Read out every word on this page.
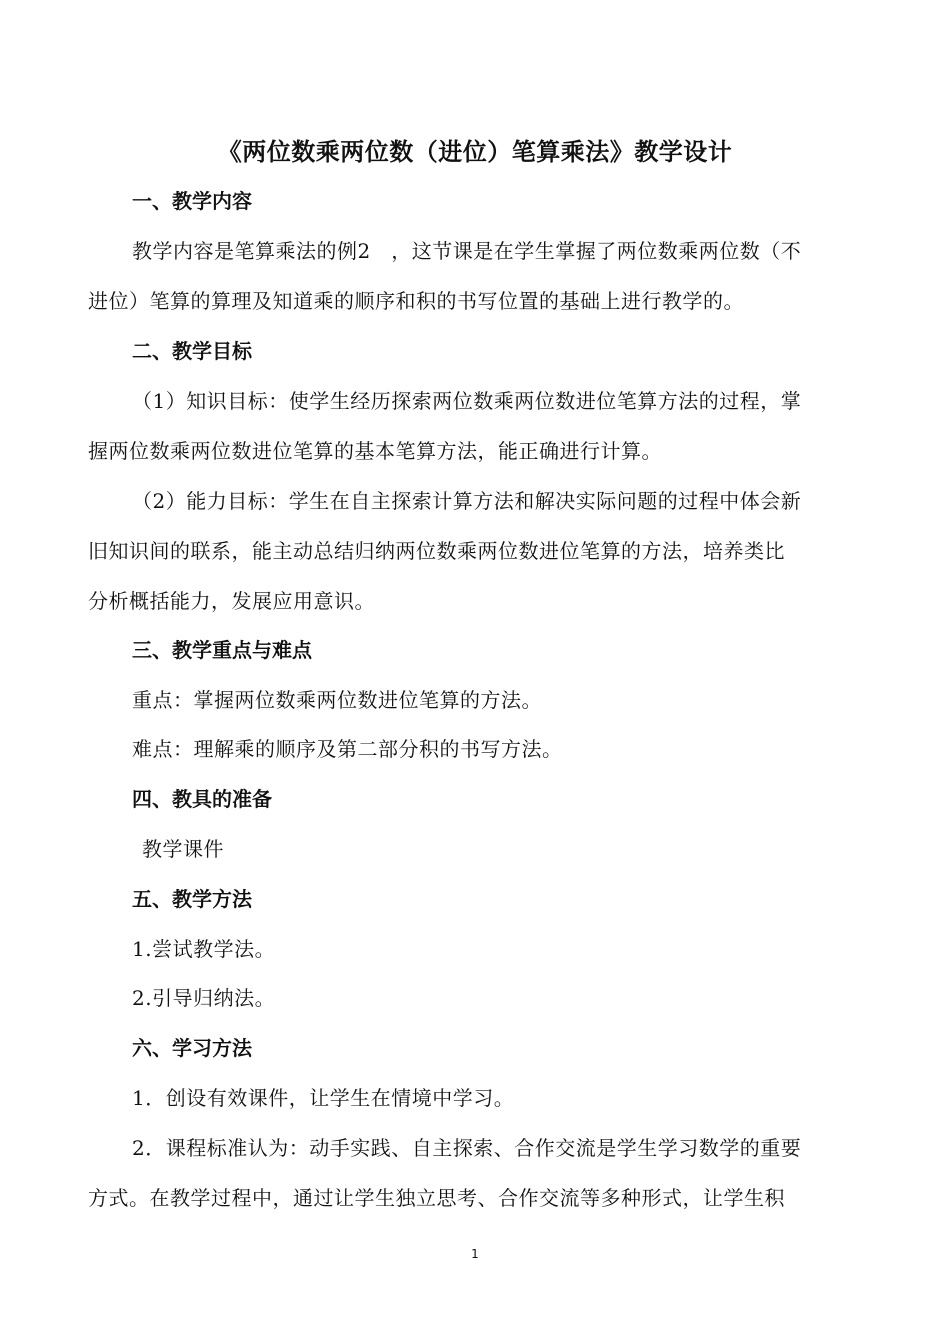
《两位数乘两位数（进位）笔算乘法》教学设计
一、教学内容
教学内容是笔算乘法的例2　，这节课是在学生掌握了两位数乘两位数（不
进位）笔算的算理及知道乘的顺序和积的书写位置的基础上进行教学的。
二、教学目标
（1）知识目标：使学生经历探索两位数乘两位数进位笔算方法的过程，掌
握两位数乘两位数进位笔算的基本笔算方法，能正确进行计算。
（2）能力目标：学生在自主探索计算方法和解决实际问题的过程中体会新
旧知识间的联系，能主动总结归纳两位数乘两位数进位笔算的方法，培养类比
分析概括能力，发展应用意识。
三、教学重点与难点
重点：掌握两位数乘两位数进位笔算的方法。
难点：理解乘的顺序及第二部分积的书写方法。
四、教具的准备
教学课件
五、教学方法
1.尝试教学法。
2.引导归纳法。
六、学习方法
1．创设有效课件，让学生在情境中学习。
2．课程标准认为：动手实践、自主探索、合作交流是学生学习数学的重要
方式。在教学过程中，通过让学生独立思考、合作交流等多种形式，让学生积
1
